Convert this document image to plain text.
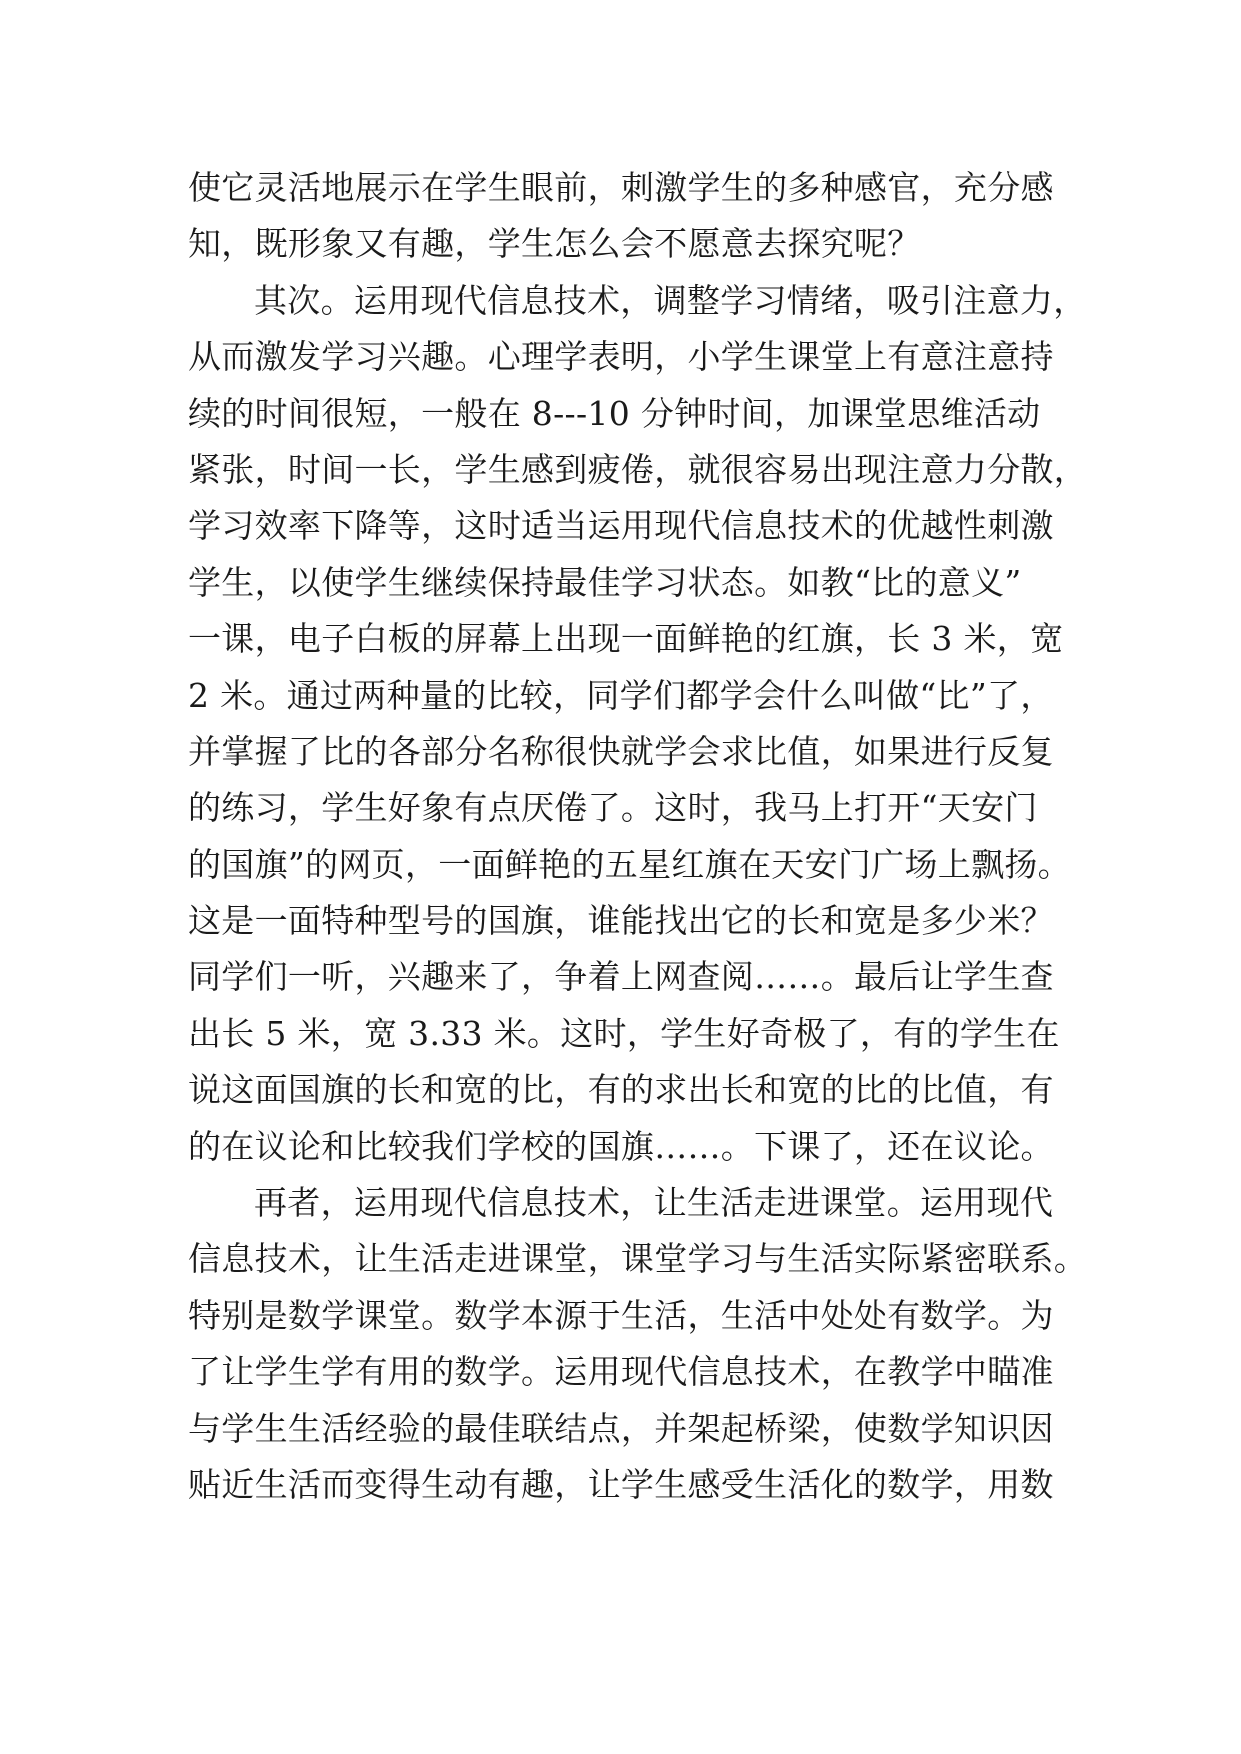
使它灵活地展示在学生眼前，刺激学生的多种感官，充分感
知，既形象又有趣，学生怎么会不愿意去探究呢？
其次。运用现代信息技术，调整学习情绪，吸引注意力，
从而激发学习兴趣。心理学表明，小学生课堂上有意注意持
续的时间很短，一般在 8---10 分钟时间，加课堂思维活动
紧张，时间一长，学生感到疲倦，就很容易出现注意力分散，
学习效率下降等，这时适当运用现代信息技术的优越性刺激
学生，以使学生继续保持最佳学习状态。如教“比的意义”
一课，电子白板的屏幕上出现一面鲜艳的红旗，长 3 米，宽
2 米。通过两种量的比较，同学们都学会什么叫做“比”了，
并掌握了比的各部分名称很快就学会求比值，如果进行反复
的练习，学生好象有点厌倦了。这时，我马上打开“天安门
的国旗”的网页，一面鲜艳的五星红旗在天安门广场上飘扬。
这是一面特种型号的国旗，谁能找出它的长和宽是多少米？
同学们一听，兴趣来了，争着上网查阅……。最后让学生查
出长 5 米，宽 3.33 米。这时，学生好奇极了，有的学生在
说这面国旗的长和宽的比，有的求出长和宽的比的比值，有
的在议论和比较我们学校的国旗……。下课了，还在议论。
再者，运用现代信息技术，让生活走进课堂。运用现代
信息技术，让生活走进课堂，课堂学习与生活实际紧密联系。
特别是数学课堂。数学本源于生活，生活中处处有数学。为
了让学生学有用的数学。运用现代信息技术，在教学中瞄准
与学生生活经验的最佳联结点，并架起桥梁，使数学知识因
贴近生活而变得生动有趣，让学生感受生活化的数学，用数
